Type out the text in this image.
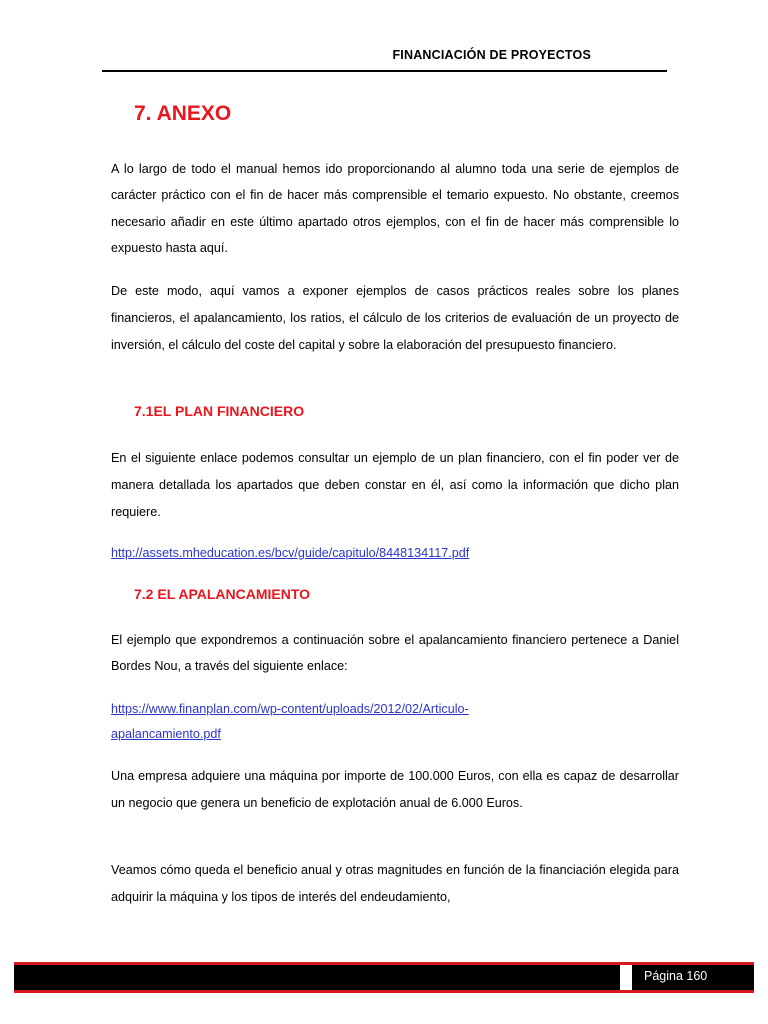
FINANCIACIÓN DE PROYECTOS
7. ANEXO

A lo largo de todo el manual hemos ido proporcionando al alumno toda una serie de ejemplos de carácter práctico con el fin de hacer más comprensible el temario expuesto. No obstante, creemos necesario añadir en este último apartado otros ejemplos, con el fin de hacer más comprensible lo expuesto hasta aquí.

De este modo, aquí vamos a exponer ejemplos de casos prácticos reales sobre los planes financieros, el apalancamiento, los ratios, el cálculo de los criterios de evaluación de un proyecto de inversión, el cálculo del coste del capital y sobre la elaboración del presupuesto financiero.

7.1EL PLAN FINANCIERO

En el siguiente enlace podemos consultar un ejemplo de un plan financiero, con el fin poder ver de manera detallada los apartados que deben constar en él, así como la información que dicho plan requiere.

http://assets.mheducation.es/bcv/guide/capitulo/8448134117.pdf
7.2 EL APALANCAMIENTO

El ejemplo que expondremos a continuación sobre el apalancamiento financiero pertenece a Daniel Bordes Nou, a través del siguiente enlace:

https://www.finanplan.com/wp-content/uploads/2012/02/Articulo-
apalancamiento.pdf

Una empresa adquiere una máquina por importe de 100.000 Euros, con ella es capaz de desarrollar un negocio que genera un beneficio de explotación anual de 6.000 Euros.

Veamos cómo queda el beneficio anual y otras magnitudes en función de la financiación elegida para adquirir la máquina y los tipos de interés del endeudamiento,

Página 160
